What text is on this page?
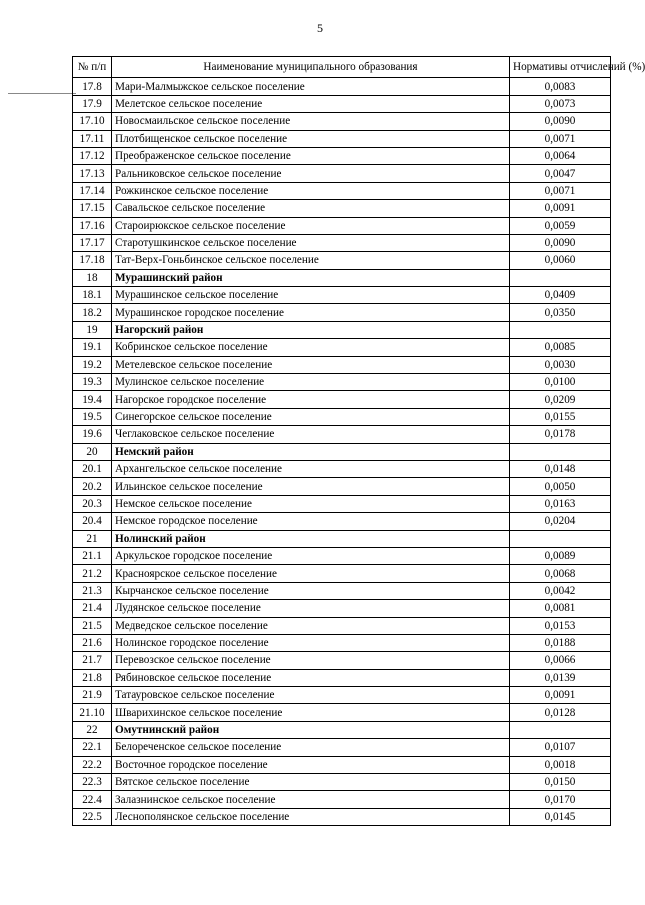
5
№ п/п	Наименование муниципального образования	Нормативы отчислений (%)
17.8	Мари-Малмыжское сельское поселение	0,0083
17.9	Мелетское сельское поселение	0,0073
17.10	Новосмаильское сельское поселение	0,0090
17.11	Плотбищенское сельское поселение	0,0071
17.12	Преображенское сельское поселение	0,0064
17.13	Ральниковское сельское поселение	0,0047
17.14	Рожкинское сельское поселение	0,0071
17.15	Савальское сельское поселение	0,0091
17.16	Староирюкское сельское поселение	0,0059
17.17	Старотушкинское сельское поселение	0,0090
17.18	Тат-Верх-Гоньбинское сельское поселение	0,0060
18	Мурашинский район	
18.1	Мурашинское сельское поселение	0,0409
18.2	Мурашинское городское поселение	0,0350
19	Нагорский район	
19.1	Кобринское сельское поселение	0,0085
19.2	Метелевское сельское поселение	0,0030
19.3	Мулинское сельское поселение	0,0100
19.4	Нагорское городское поселение	0,0209
19.5	Синегорское сельское поселение	0,0155
19.6	Чеглаковское сельское поселение	0,0178
20	Немский район	
20.1	Архангельское сельское поселение	0,0148
20.2	Ильинское сельское поселение	0,0050
20.3	Немское сельское поселение	0,0163
20.4	Немское городское поселение	0,0204
21	Нолинский район	
21.1	Аркульское городское поселение	0,0089
21.2	Красноярское сельское поселение	0,0068
21.3	Кырчанское сельское поселение	0,0042
21.4	Лудянское сельское поселение	0,0081
21.5	Медведское сельское поселение	0,0153
21.6	Нолинское городское поселение	0,0188
21.7	Перевозское сельское поселение	0,0066
21.8	Рябиновское сельское поселение	0,0139
21.9	Татауровское сельское поселение	0,0091
21.10	Шварихинское сельское поселение	0,0128
22	Омутнинский район	
22.1	Белореченское сельское поселение	0,0107
22.2	Восточное городское поселение	0,0018
22.3	Вятское сельское поселение	0,0150
22.4	Залазнинское сельское поселение	0,0170
22.5	Леснополянское сельское поселение	0,0145
